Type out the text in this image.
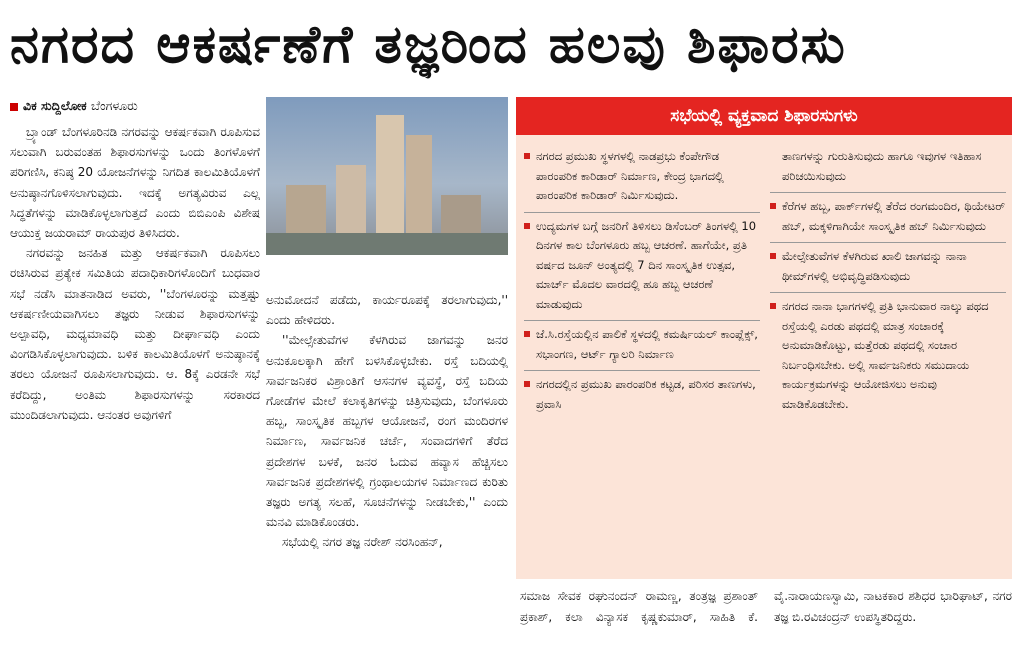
ನಗರದ ಆಕರ್ಷಣೆಗೆ ತಜ್ಞರಿಂದ ಹಲವು ಶಿಫಾರಸು
ವಿಕ ಸುದ್ದಿಲೋಕ ಬೆಂಗಳೂರು

ಬ್ರ್ಯಾಂಡ್ ಬೆಂಗಳೂರಿನಡಿ ನಗರವನ್ನು ಆಕರ್ಷಕವಾಗಿ ರೂಪಿಸುವ ಸಲುವಾಗಿ ಬರುವಂತಹ ಶಿಫಾರಸುಗಳನ್ನು ಒಂದು ತಿಂಗಳೊಳಗೆ ಪರಿಗಣಿಸಿ, ಕನಿಷ್ಠ 20 ಯೋಜನೆಗಳನ್ನು ನಿಗದಿತ ಕಾಲಮಿತಿಯೊಳಗೆ ಅನುಷ್ಠಾನಗೊಳಿಸಲಾಗುವುದು. ಇದಕ್ಕೆ ಅಗತ್ಯವಿರುವ ಎಲ್ಲ ಸಿದ್ಧತೆಗಳನ್ನು ಮಾಡಿಕೊಳ್ಳಲಾಗುತ್ತದೆ ಎಂದು ಬಿಬಿಎಂಪಿ ವಿಶೇಷ ಆಯುಕ್ತ ಜಯರಾಮ್ ರಾಯಪುರ ತಿಳಿಸಿದರು.

ನಗರವನ್ನು ಜನಹಿತ ಮತ್ತು ಆಕರ್ಷಕವಾಗಿ ರೂಪಿಸಲು ರಚಿಸಿರುವ ಪ್ರತ್ಯೇಕ ಸಮಿತಿಯ ಪದಾಧಿಕಾರಿಗಳೊಂದಿಗೆ ಬುಧವಾರ ಸಭೆ ನಡೆಸಿ ಮಾತನಾಡಿದ ಅವರು, ''ಬೆಂಗಳೂರನ್ನು ಮತ್ತಷ್ಟು ಆಕರ್ಷಣೀಯವಾಗಿಸಲು ತಜ್ಞರು ನೀಡುವ ಶಿಫಾರಸುಗಳನ್ನು ಅಲ್ಪಾವಧಿ, ಮಧ್ಯಮಾವಧಿ ಮತ್ತು ದೀರ್ಘಾವಧಿ ಎಂದು ವಿಂಗಡಿಸಿಕೊಳ್ಳಲಾಗುವುದು. ಬಳಿಕ ಕಾಲಮಿತಿಯೊಳಗೆ ಅನುಷ್ಠಾನಕ್ಕೆ ತರಲು ಯೋಜನೆ ರೂಪಿಸಲಾಗುವುದು. ಆ. 8ಕ್ಕೆ ಎರಡನೇ ಸಭೆ ಕರೆದಿದ್ದು, ಅಂತಿಮ ಶಿಫಾರಸುಗಳನ್ನು ಸರಕಾರದ ಮುಂದಿಡಲಾಗುವುದು. ಆನಂತರ ಅವುಗಳಿಗೆ

ಅನುಮೋದನೆ ಪಡೆದು, ಕಾರ್ಯರೂಪಕ್ಕೆ ತರಲಾಗುವುದು,'' ಎಂದು ಹೇಳಿದರು.

''ಮೇಲ್ಸೇತುವೆಗಳ ಕೆಳಗಿರುವ ಜಾಗವನ್ನು ಜನರ ಅನುಕೂಲಕ್ಕಾಗಿ ಹೇಗೆ ಬಳಸಿಕೊಳ್ಳಬೇಕು. ರಸ್ತೆ ಬದಿಯಲ್ಲಿ ಸಾರ್ವಜನಿಕರ ವಿಶ್ರಾಂತಿಗೆ ಆಸನಗಳ ವ್ಯವಸ್ಥೆ, ರಸ್ತೆ ಬದಿಯ ಗೋಡೆಗಳ ಮೇಲೆ ಕಲಾಕೃತಿಗಳನ್ನು ಚಿತ್ರಿಸುವುದು, ಬೆಂಗಳೂರು ಹಬ್ಬ, ಸಾಂಸ್ಕೃತಿಕ ಹಬ್ಬಗಳ ಆಯೋಜನೆ, ರಂಗ ಮಂದಿರಗಳ ನಿರ್ಮಾಣ, ಸಾರ್ವಜನಿಕ ಚರ್ಚೆ, ಸಂವಾದಗಳಿಗೆ ತೆರೆದ ಪ್ರದೇಶಗಳ ಬಳಕೆ, ಜನರ ಓದುವ ಹವ್ಯಾಸ ಹೆಚ್ಚಿಸಲು ಸಾರ್ವಜನಿಕ ಪ್ರದೇಶಗಳಲ್ಲಿ ಗ್ರಂಥಾಲಯಗಳ ನಿರ್ಮಾಣದ ಕುರಿತು ತಜ್ಞರು ಅಗತ್ಯ ಸಲಹೆ, ಸೂಚನೆಗಳನ್ನು ನೀಡಬೇಕು,'' ಎಂದು ಮನವಿ ಮಾಡಿಕೊಂಡರು.

ಸಭೆಯಲ್ಲಿ ನಗರ ತಜ್ಞ ನರೇಶ್ ನರಸಿಂಹನ್,

ಸಭೆಯಲ್ಲಿ ವ್ಯಕ್ತವಾದ ಶಿಫಾರಸುಗಳು
ನಗರದ ಪ್ರಮುಖ ಸ್ಥಳಗಳಲ್ಲಿ ನಾಡಪ್ರಭು ಕೆಂಪೇಗೌಡ ಪಾರಂಪರಿಕ ಕಾರಿಡಾರ್ ನಿರ್ಮಾಣ, ಕೇಂದ್ರ ಭಾಗದಲ್ಲಿ ಪಾರಂಪರಿಕ ಕಾರಿಡಾರ್ ನಿರ್ಮಿಸುವುದು.
ಉದ್ಯಮಗಳ ಬಗ್ಗೆ ಜನರಿಗೆ ತಿಳಿಸಲು ಡಿಸೆಂಬರ್ ತಿಂಗಳಲ್ಲಿ 10 ದಿನಗಳ ಕಾಲ ಬೆಂಗಳೂರು ಹಬ್ಬ ಆಚರಣೆ. ಹಾಗೆಯೇ, ಪ್ರತಿ ವರ್ಷದ ಜೂನ್ ಅಂತ್ಯದಲ್ಲಿ 7 ದಿನ ಸಾಂಸ್ಕೃತಿಕ ಉತ್ಸವ, ಮಾರ್ಚ್ ಮೊದಲ ವಾರದಲ್ಲಿ ಹೂ ಹಬ್ಬ ಆಚರಣೆ ಮಾಡುವುದು
ಜೆ.ಸಿ.ರಸ್ತೆಯಲ್ಲಿನ ಪಾಲಿಕೆ ಸ್ಥಳದಲ್ಲಿ ಕಮರ್ಷಿಯಲ್ ಕಾಂಪ್ಲೆಕ್ಸ್, ಸಭಾಂಗಣ, ಆರ್ಟ್ ಗ್ಯಾಲರಿ ನಿರ್ಮಾಣ
ನಗರದಲ್ಲಿನ ಪ್ರಮುಖ ಪಾರಂಪರಿಕ ಕಟ್ಟಡ, ಪರಿಸರ ತಾಣಗಳು, ಪ್ರವಾಸಿ
ತಾಣಗಳನ್ನು ಗುರುತಿಸುವುದು ಹಾಗೂ ಇವುಗಳ ಇತಿಹಾಸ ಪರಿಚಯಿಸುವುದು
ಕೆರೆಗಳ ಹಬ್ಬ, ಪಾರ್ಕ್‌ಗಳಲ್ಲಿ ತೆರೆದ ರಂಗಮಂದಿರ, ಥಿಯೇಟರ್ ಹಬ್, ಮಕ್ಕಳಿಗಾಗಿಯೇ ಸಾಂಸ್ಕೃತಿಕ ಹಬ್ ನಿರ್ಮಿಸುವುದು
ಮೇಲ್ಸೇತುವೆಗಳ ಕೆಳಗಿರುವ ಖಾಲಿ ಜಾಗವನ್ನು ನಾನಾ ಥೀಮ್‌ಗಳಲ್ಲಿ ಅಭಿವೃದ್ಧಿಪಡಿಸುವುದು
ನಗರದ ನಾನಾ ಭಾಗಗಳಲ್ಲಿ ಪ್ರತಿ ಭಾನುವಾರ ನಾಲ್ಕು ಪಥದ ರಸ್ತೆಯಲ್ಲಿ ಎರಡು ಪಥದಲ್ಲಿ ಮಾತ್ರ ಸಂಚಾರಕ್ಕೆ ಅನುಮಾಡಿಕೊಟ್ಟು, ಮತ್ತೆರಡು ಪಥದಲ್ಲಿ ಸಂಚಾರ ನಿರ್ಬಂಧಿಸಬೇಕು. ಅಲ್ಲಿ ಸಾರ್ವಜನಿಕರು ಸಮುದಾಯ ಕಾರ್ಯಕ್ರಮಗಳನ್ನು ಆಯೋಜಿಸಲು ಅನುವು ಮಾಡಿಕೊಡಬೇಕು.
ಸಮಾಜ ಸೇವಕ ರಘುನಂದನ್ ರಾಮಣ್ಣ, ತಂತ್ರಜ್ಞ ಪ್ರಶಾಂತ್ ಪ್ರಕಾಶ್, ಕಲಾ ವಿನ್ಯಾಸಕ ಕೃಷ್ಣಕುಮಾರ್, ಸಾಹಿತಿ ಕೆ. ವೈ.ನಾರಾಯಣಸ್ವಾಮಿ, ನಾಟಕಕಾರ ಶಶಿಧರ ಭಾರಿಘಾಟ್, ನಗರ ತಜ್ಞ ಬಿ.ರವಿಚಂದ್ರನ್ ಉಪಸ್ಥಿತರಿದ್ದರು.
